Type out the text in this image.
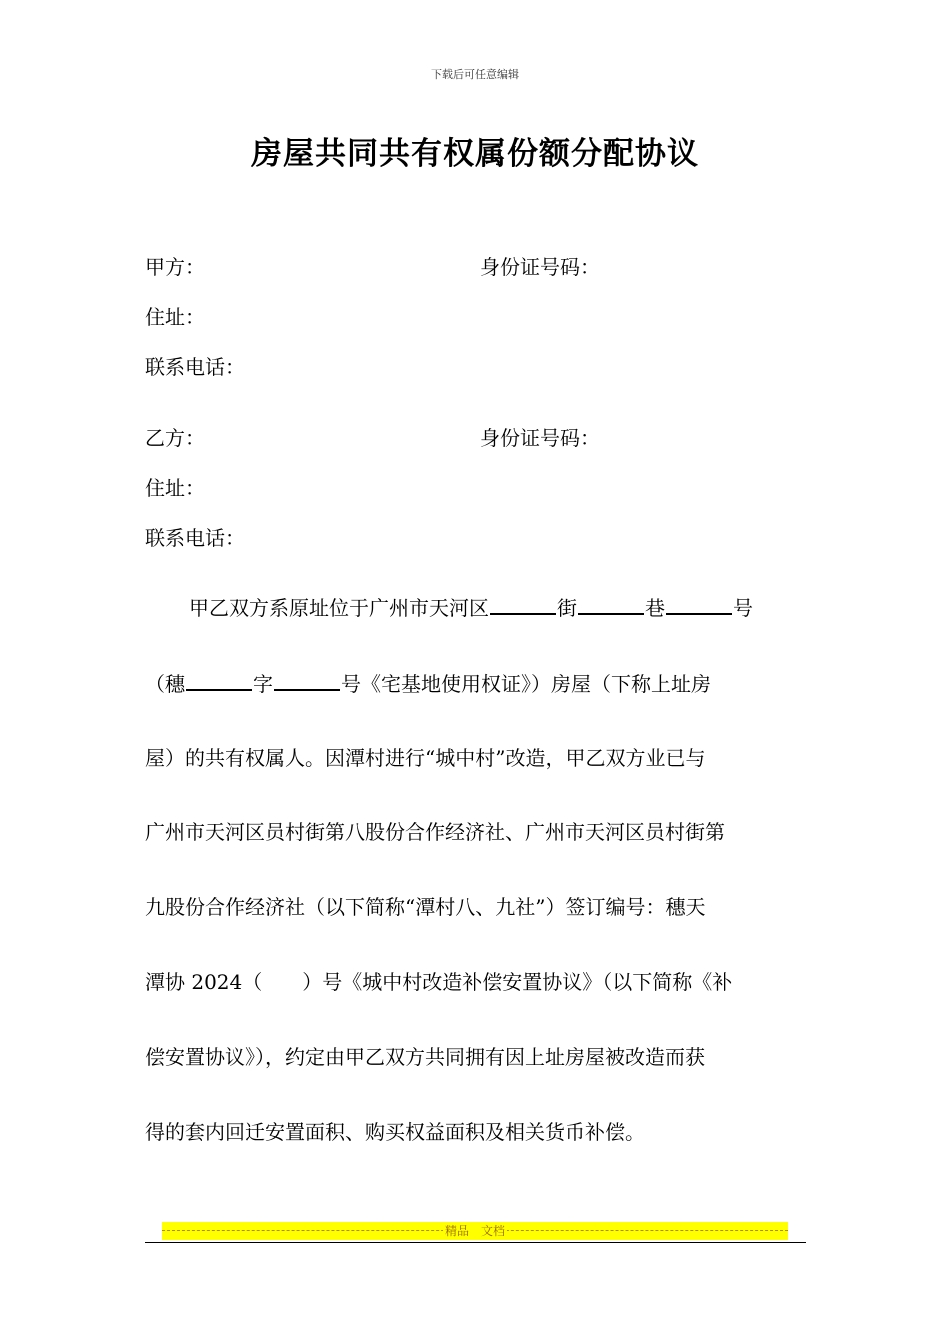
下载后可任意编辑
房屋共同共有权属份额分配协议
甲方：	身份证号码：
住址：
联系电话：
乙方：	身份证号码：
住址：
联系电话：
甲乙双方系原址位于广州市天河区	街	巷	号
（穗	字	号《宅基地使用权证》）房屋（下称上址房
屋）的共有权属人。因潭村进行“城中村”改造，甲乙双方业已与
广州市天河区员村街第八股份合作经济社、广州市天河区员村街第
九股份合作经济社（以下简称“潭村八、九社”）签订编号：穗天
潭协 2024（　　）号《城中村改造补偿安置协议》（以下简称《补
偿安置协议》），约定由甲乙双方共同拥有因上址房屋被改造而获
得的套内回迁安置面积、购买权益面积及相关货币补偿。
精品　文档
